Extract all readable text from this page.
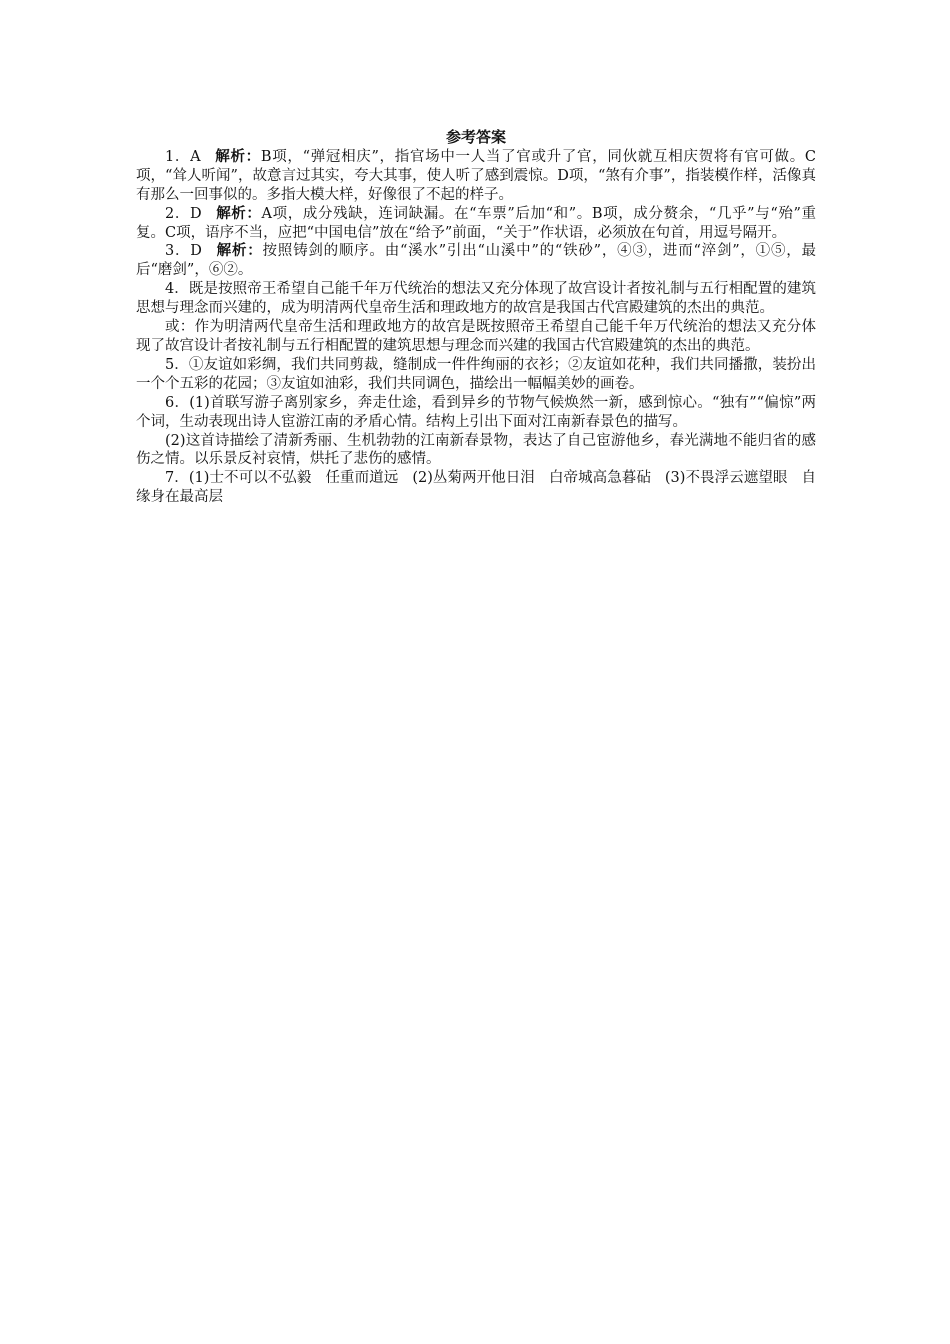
参考答案

1．A 解析：B项，“弹冠相庆”，指官场中一人当了官或升了官，同伙就互相庆贺将有官可做。C项，“耸人听闻”，故意言过其实，夸大其事，使人听了感到震惊。D项，“煞有介事”，指装模作样，活像真有那么一回事似的。多指大模大样，好像很了不起的样子。

2．D 解析：A项，成分残缺，连词缺漏。在“车票”后加“和”。B项，成分赘余，“几乎”与“殆”重复。C项，语序不当，应把“中国电信”放在“给予”前面，“关于”作状语，必须放在句首，用逗号隔开。

3．D 解析：按照铸剑的顺序。由“溪水”引出“山溪中”的“铁砂”，④③，进而“淬剑”，①⑤，最后“磨剑”，⑥②。

4．既是按照帝王希望自己能千年万代统治的想法又充分体现了故宫设计者按礼制与五行相配置的建筑思想与理念而兴建的，成为明清两代皇帝生活和理政地方的故宫是我国古代宫殿建筑的杰出的典范。

或：作为明清两代皇帝生活和理政地方的故宫是既按照帝王希望自己能千年万代统治的想法又充分体现了故宫设计者按礼制与五行相配置的建筑思想与理念而兴建的我国古代宫殿建筑的杰出的典范。

5．①友谊如彩绸，我们共同剪裁，缝制成一件件绚丽的衣衫；②友谊如花种，我们共同播撒，装扮出一个个五彩的花园；③友谊如油彩，我们共同调色，描绘出一幅幅美妙的画卷。

6．(1)首联写游子离别家乡，奔走仕途，看到异乡的节物气候焕然一新，感到惊心。“独有”“偏惊”两个词，生动表现出诗人宦游江南的矛盾心情。结构上引出下面对江南新春景色的描写。

(2)这首诗描绘了清新秀丽、生机勃勃的江南新春景物，表达了自己宦游他乡，春光满地不能归省的感伤之情。以乐景反衬哀情，烘托了悲伤的感情。

7．(1)士不可以不弘毅 任重而道远 (2)丛菊两开他日泪 白帝城高急暮砧 (3)不畏浮云遮望眼 自缘身在最高层
